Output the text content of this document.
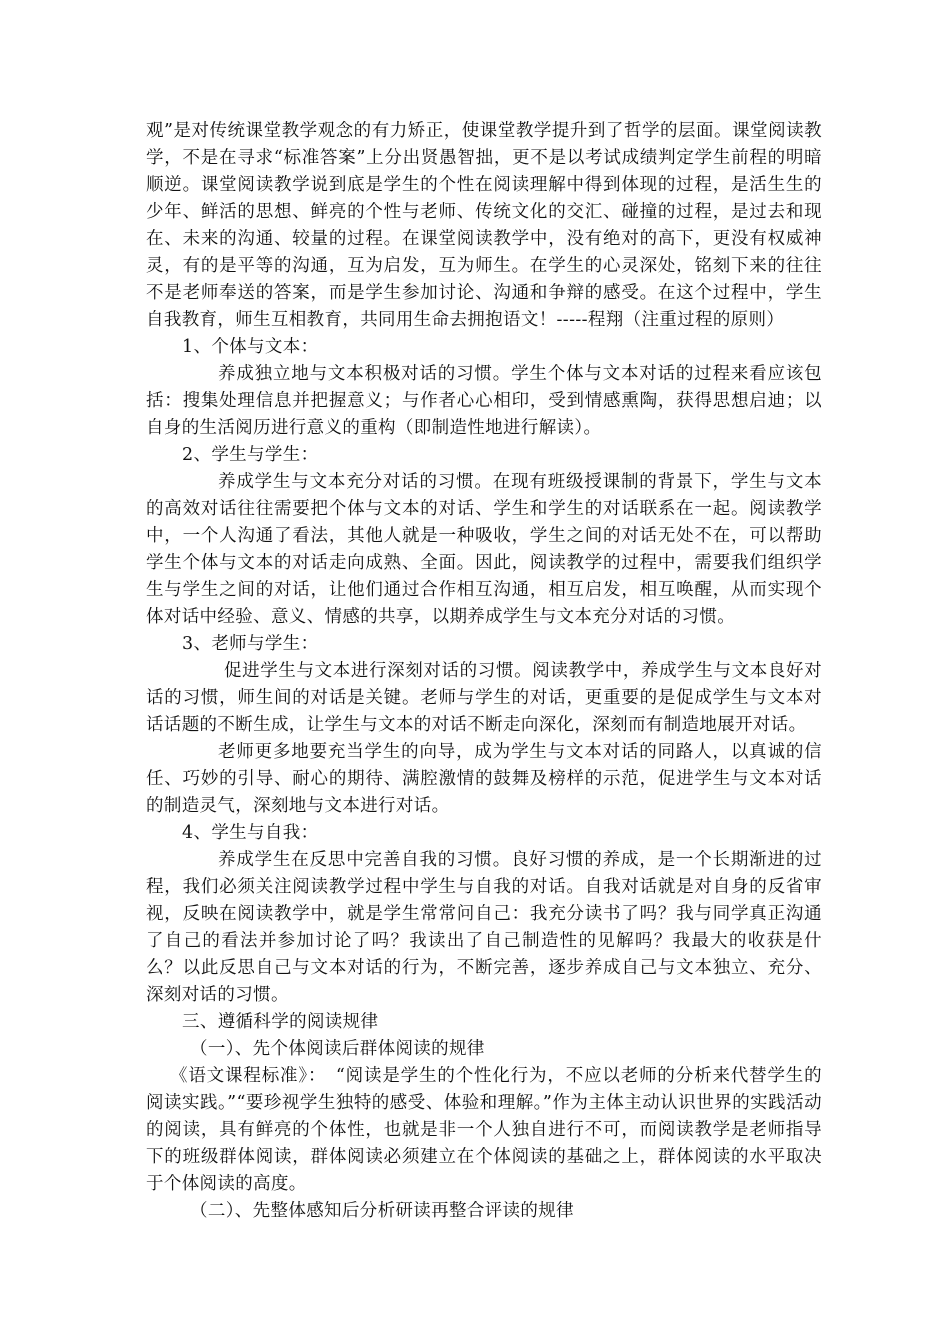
观”是对传统课堂教学观念的有力矫正，使课堂教学提升到了哲学的层面。课堂阅读教学，不是在寻求“标准答案”上分出贤愚智拙，更不是以考试成绩判定学生前程的明暗顺逆。课堂阅读教学说到底是学生的个性在阅读理解中得到体现的过程，是活生生的少年、鲜活的思想、鲜亮的个性与老师、传统文化的交汇、碰撞的过程，是过去和现在、未来的沟通、较量的过程。在课堂阅读教学中，没有绝对的高下，更没有权威神灵，有的是平等的沟通，互为启发，互为师生。在学生的心灵深处，铭刻下来的往往不是老师奉送的答案，而是学生参加讨论、沟通和争辩的感受。在这个过程中，学生自我教育，师生互相教育，共同用生命去拥抱语文！-----程翔（注重过程的原则）

1、个体与文本：

养成独立地与文本积极对话的习惯。学生个体与文本对话的过程来看应该包括：搜集处理信息并把握意义；与作者心心相印，受到情感熏陶，获得思想启迪；以自身的生活阅历进行意义的重构（即制造性地进行解读）。

2、学生与学生：

养成学生与文本充分对话的习惯。在现有班级授课制的背景下，学生与文本的高效对话往往需要把个体与文本的对话、学生和学生的对话联系在一起。阅读教学中，一个人沟通了看法，其他人就是一种吸收，学生之间的对话无处不在，可以帮助学生个体与文本的对话走向成熟、全面。因此，阅读教学的过程中，需要我们组织学生与学生之间的对话，让他们通过合作相互沟通，相互启发，相互唤醒，从而实现个体对话中经验、意义、情感的共享，以期养成学生与文本充分对话的习惯。

3、老师与学生：

促进学生与文本进行深刻对话的习惯。阅读教学中，养成学生与文本良好对话的习惯，师生间的对话是关键。老师与学生的对话，更重要的是促成学生与文本对话话题的不断生成，让学生与文本的对话不断走向深化，深刻而有制造地展开对话。

老师更多地要充当学生的向导，成为学生与文本对话的同路人，以真诚的信任、巧妙的引导、耐心的期待、满腔激情的鼓舞及榜样的示范，促进学生与文本对话的制造灵气，深刻地与文本进行对话。

4、学生与自我：

养成学生在反思中完善自我的习惯。良好习惯的养成，是一个长期渐进的过程，我们必须关注阅读教学过程中学生与自我的对话。自我对话就是对自身的反省审视，反映在阅读教学中，就是学生常常问自己：我充分读书了吗？我与同学真正沟通了自己的看法并参加讨论了吗？我读出了自己制造性的见解吗？我最大的收获是什么？以此反思自己与文本对话的行为，不断完善，逐步养成自己与文本独立、充分、深刻对话的习惯。

三、遵循科学的阅读规律

（一）、先个体阅读后群体阅读的规律

《语文课程标准》：　“阅读是学生的个性化行为，不应以老师的分析来代替学生的阅读实践。”“要珍视学生独特的感受、体验和理解。”作为主体主动认识世界的实践活动的阅读，具有鲜亮的个体性，也就是非一个人独自进行不可，而阅读教学是老师指导下的班级群体阅读，群体阅读必须建立在个体阅读的基础之上，群体阅读的水平取决于个体阅读的高度。

（二）、先整体感知后分析研读再整合评读的规律
